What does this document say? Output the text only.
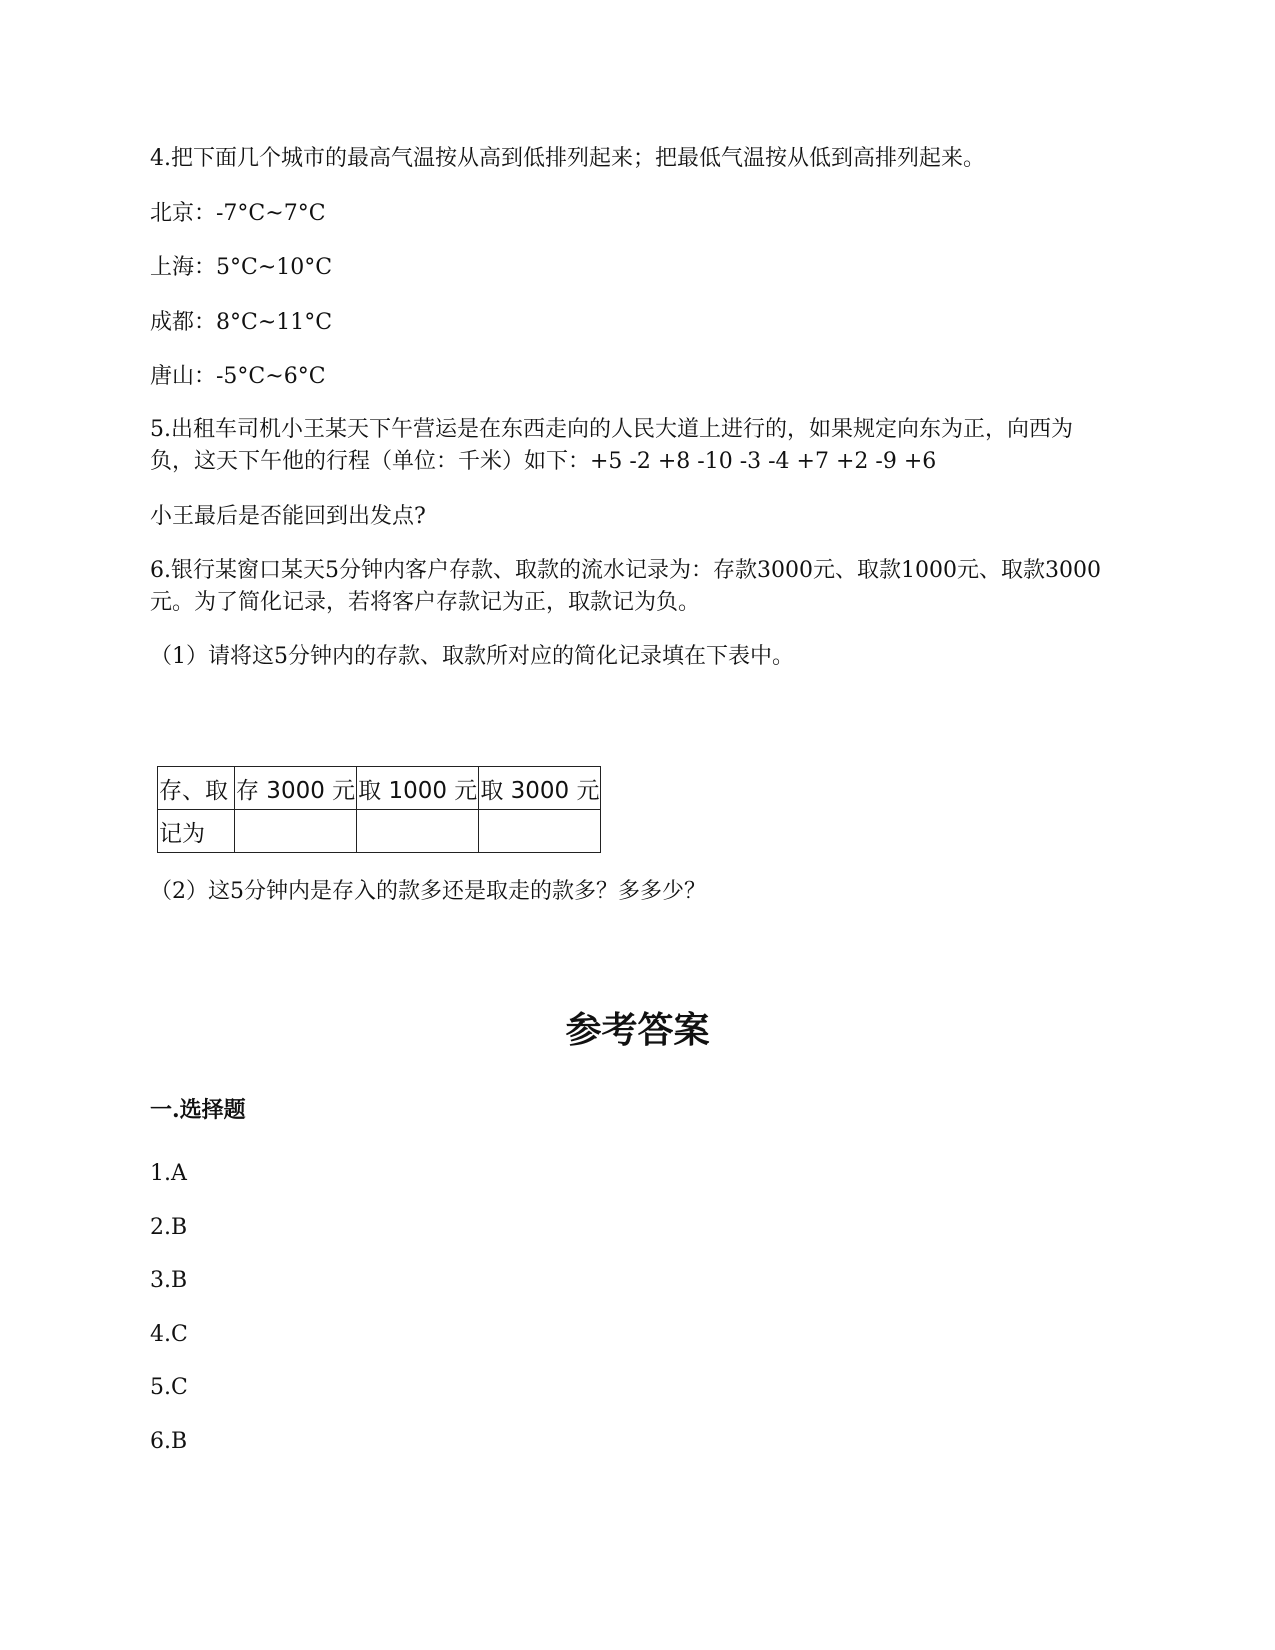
4.把下面几个城市的最高气温按从高到低排列起来；把最低气温按从低到高排列起来。
北京：-7°C~7°C
上海：5°C~10°C
成都：8°C~11°C
唐山：-5°C~6°C
5.出租车司机小王某天下午营运是在东西走向的人民大道上进行的，如果规定向东为正，向西为负，这天下午他的行程（单位：千米）如下：+5 -2 +8 -10 -3 -4 +7 +2 -9 +6
小王最后是否能回到出发点?
6.银行某窗口某天5分钟内客户存款、取款的流水记录为：存款3000元、取款1000元、取款3000元。为了简化记录，若将客户存款记为正，取款记为负。
（1）请将这5分钟内的存款、取款所对应的简化记录填在下表中。
存、取	存 3000 元	取 1000 元	取 3000 元
记为			
（2）这5分钟内是存入的款多还是取走的款多？多多少？
参考答案
一.选择题
1.A
2.B
3.B
4.C
5.C
6.B
